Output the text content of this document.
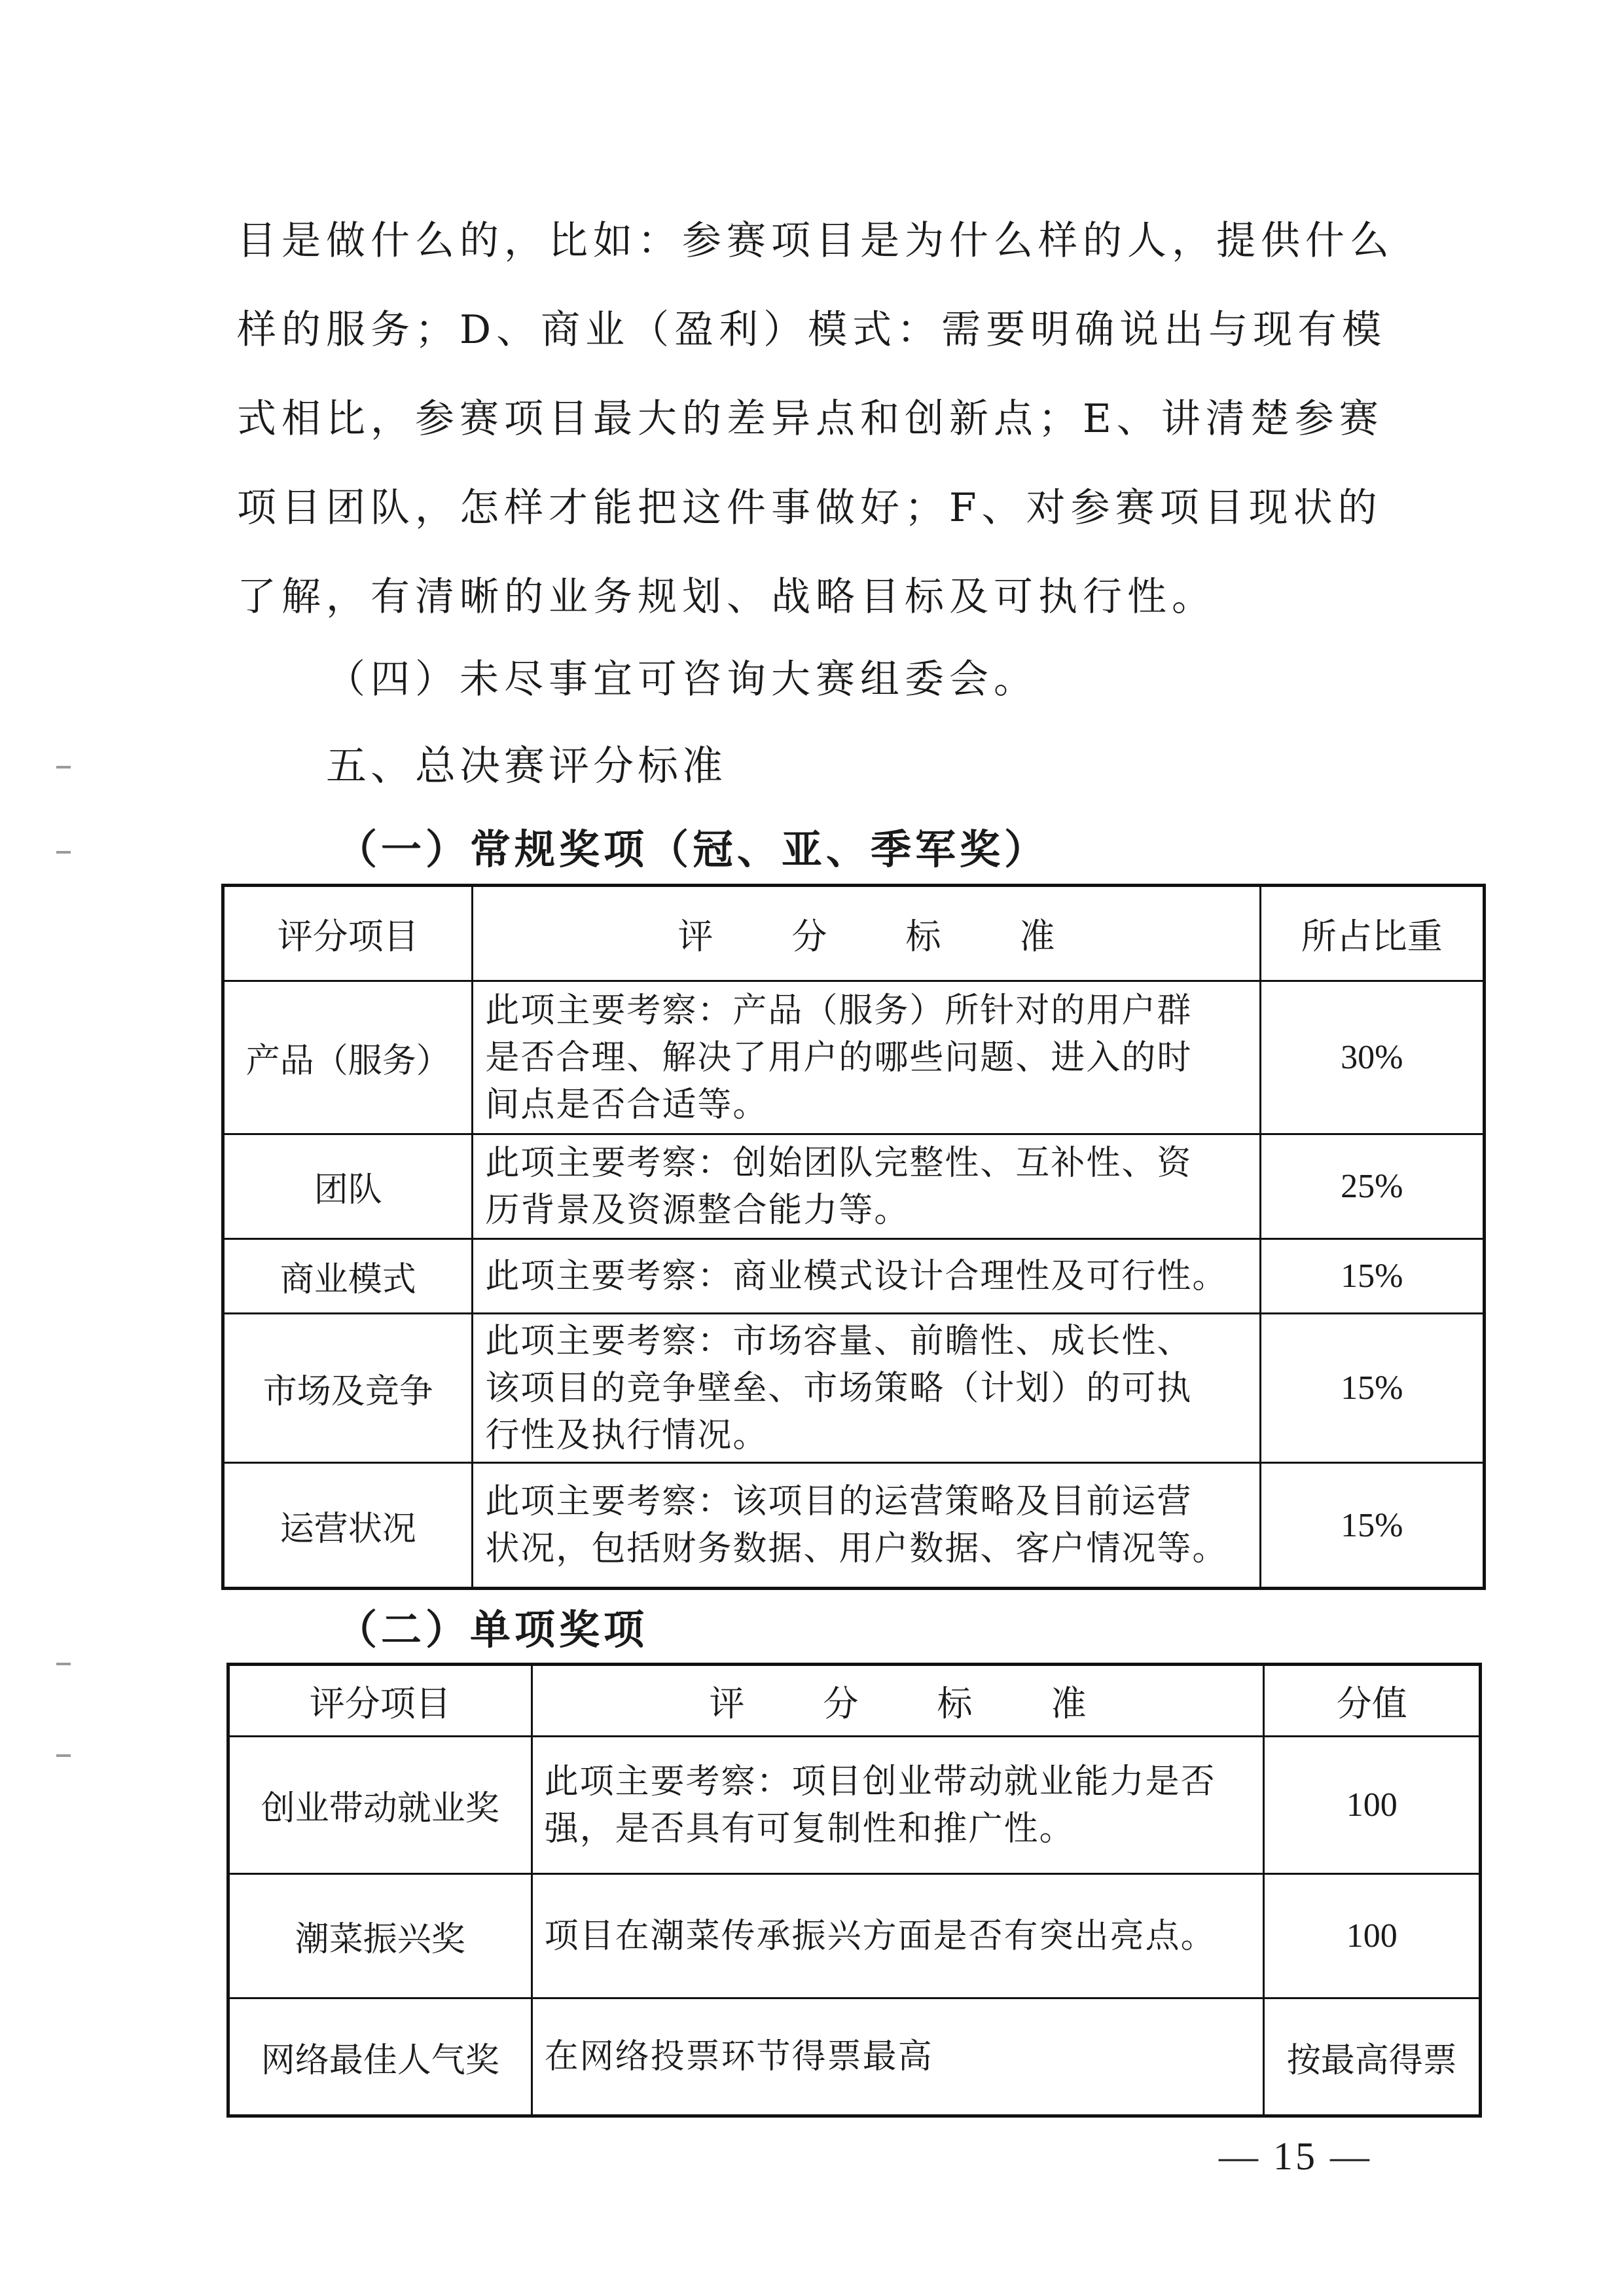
目是做什么的，比如：参赛项目是为什么样的人，提供什么
样的服务；D、商业（盈利）模式：需要明确说出与现有模
式相比，参赛项目最大的差异点和创新点；E、讲清楚参赛
项目团队，怎样才能把这件事做好；F、对参赛项目现状的
了解，有清晰的业务规划、战略目标及可执行性。
（四）未尽事宜可咨询大赛组委会。
五、总决赛评分标准
（一）常规奖项（冠、亚、季军奖）
评分项目	评 分 标 准	所占比重
产品（服务）	此项主要考察：产品（服务）所针对的用户群
是否合理、解决了用户的哪些问题、进入的时
间点是否合适等。	30%
团队	此项主要考察：创始团队完整性、互补性、资
历背景及资源整合能力等。	25%
商业模式	此项主要考察：商业模式设计合理性及可行性。	15%
市场及竞争	此项主要考察：市场容量、前瞻性、成长性、
该项目的竞争壁垒、市场策略（计划）的可执
行性及执行情况。	15%
运营状况	此项主要考察：该项目的运营策略及目前运营
状况，包括财务数据、用户数据、客户情况等。	15%
（二）单项奖项
评分项目	评 分 标 准	分值
创业带动就业奖	此项主要考察：项目创业带动就业能力是否
强，是否具有可复制性和推广性。	100
潮菜振兴奖	项目在潮菜传承振兴方面是否有突出亮点。	100
网络最佳人气奖	在网络投票环节得票最高	按最高得票
— 15 —
